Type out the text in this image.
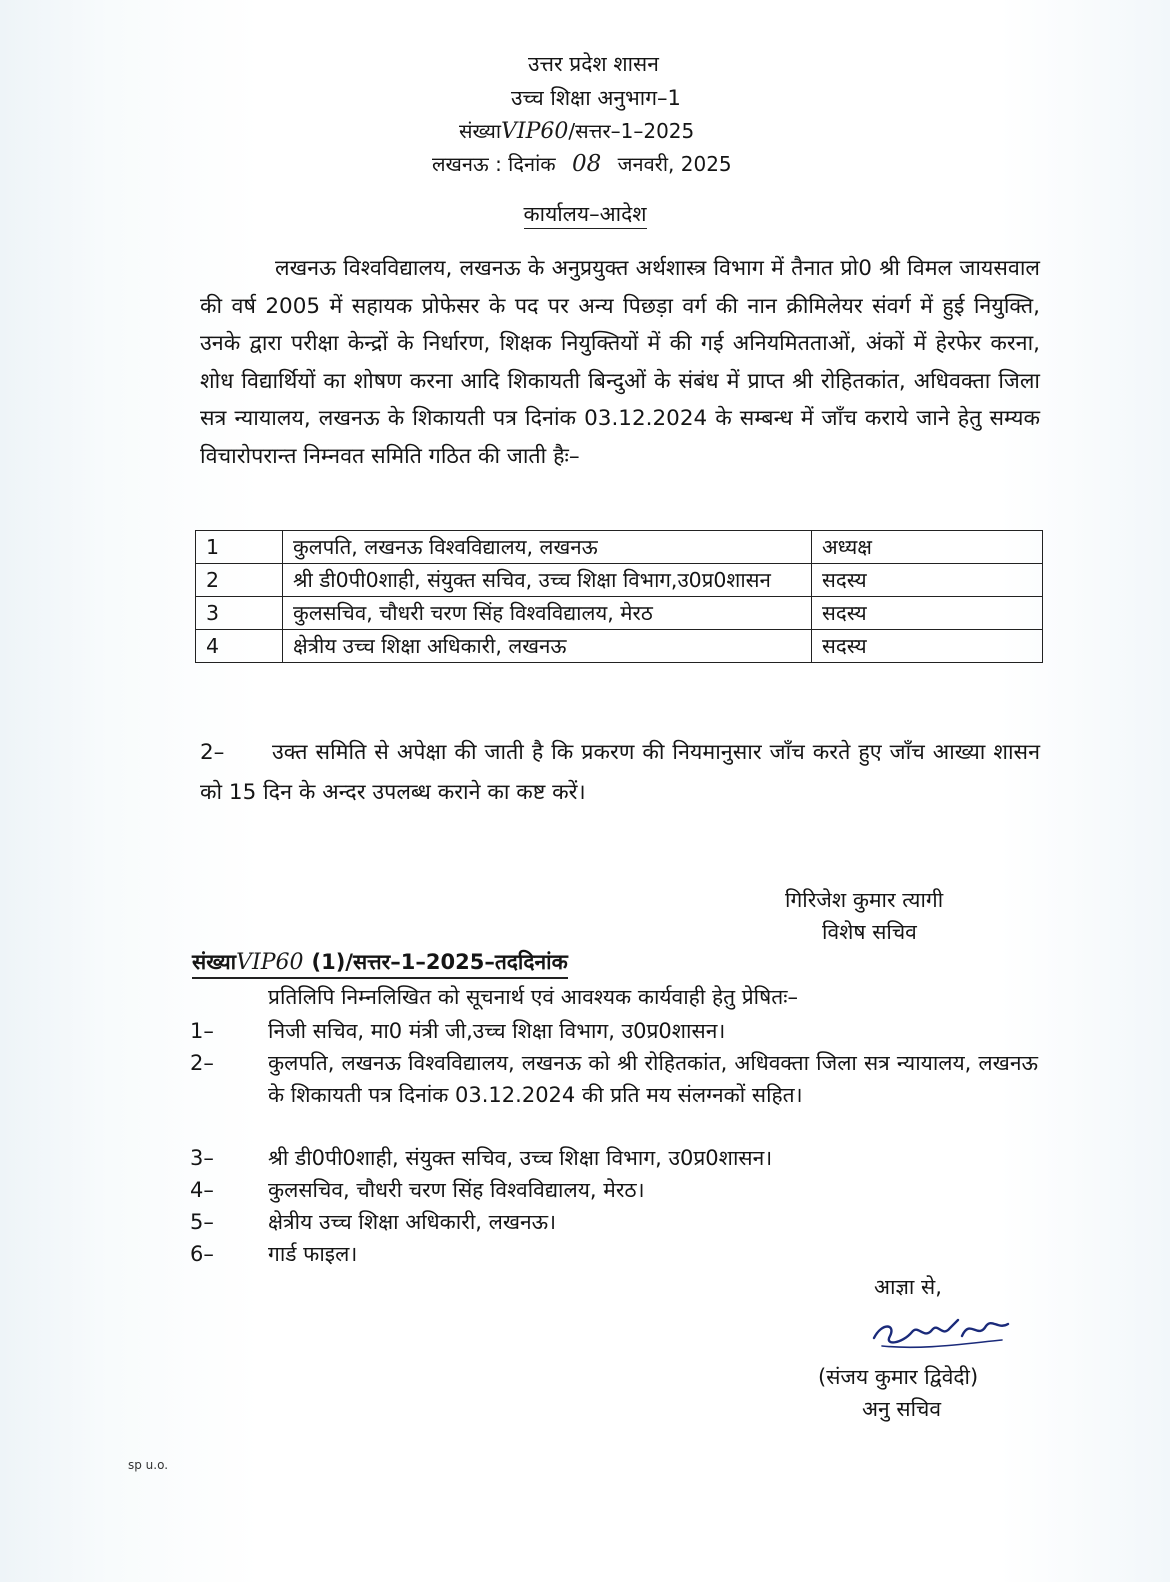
उत्तर प्रदेश शासन
उच्च शिक्षा अनुभाग–1
संख्याVIP60/सत्तर–1–2025
लखनऊ : दिनांक 08 जनवरी, 2025
कार्यालय–आदेश
लखनऊ विश्वविद्यालय, लखनऊ के अनुप्रयुक्त अर्थशास्त्र विभाग में तैनात प्रो0 श्री विमल जायसवाल की वर्ष 2005 में सहायक प्रोफेसर के पद पर अन्य पिछड़ा वर्ग की नान क्रीमिलेयर संवर्ग में हुई नियुक्ति, उनके द्वारा परीक्षा केन्द्रों के निर्धारण, शिक्षक नियुक्तियों में की गई अनियमितताओं, अंकों में हेरफेर करना, शोध विद्यार्थियों का शोषण करना आदि शिकायती बिन्दुओं के संबंध में प्राप्त श्री रोहितकांत, अधिवक्ता जिला सत्र न्यायालय, लखनऊ के शिकायती पत्र दिनांक 03.12.2024 के सम्बन्ध में जाँच कराये जाने हेतु सम्यक विचारोपरान्त निम्नवत समिति गठित की जाती हैः–
1	कुलपति, लखनऊ विश्वविद्यालय, लखनऊ	अध्यक्ष
2	श्री डी0पी0शाही, संयुक्त सचिव, उच्च शिक्षा विभाग,उ0प्र0शासन	सदस्य
3	कुलसचिव, चौधरी चरण सिंह विश्वविद्यालय, मेरठ	सदस्य
4	क्षेत्रीय उच्च शिक्षा अधिकारी, लखनऊ	सदस्य
2– उक्त समिति से अपेक्षा की जाती है कि प्रकरण की नियमानुसार जाँच करते हुए जाँच आख्या शासन को 15 दिन के अन्दर उपलब्ध कराने का कष्ट करें।
गिरिजेश कुमार त्यागी
विशेष सचिव
संख्याVIP60 (1)/सत्तर–1–2025–तददिनांक
प्रतिलिपि निम्नलिखित को सूचनार्थ एवं आवश्यक कार्यवाही हेतु प्रेषितः–
1–	निजी सचिव, मा0 मंत्री जी,उच्च शिक्षा विभाग, उ0प्र0शासन।
2–	कुलपति, लखनऊ विश्वविद्यालय, लखनऊ को श्री रोहितकांत, अधिवक्ता जिला सत्र न्यायालय, लखनऊ के शिकायती पत्र दिनांक 03.12.2024 की प्रति मय संलग्नकों सहित।
3–	श्री डी0पी0शाही, संयुक्त सचिव, उच्च शिक्षा विभाग, उ0प्र0शासन।
4–	कुलसचिव, चौधरी चरण सिंह विश्वविद्यालय, मेरठ।
5–	क्षेत्रीय उच्च शिक्षा अधिकारी, लखनऊ।
6–	गार्ड फाइल।
आज्ञा से,
(संजय कुमार द्विवेदी)
अनु सचिव
sp u.o.
